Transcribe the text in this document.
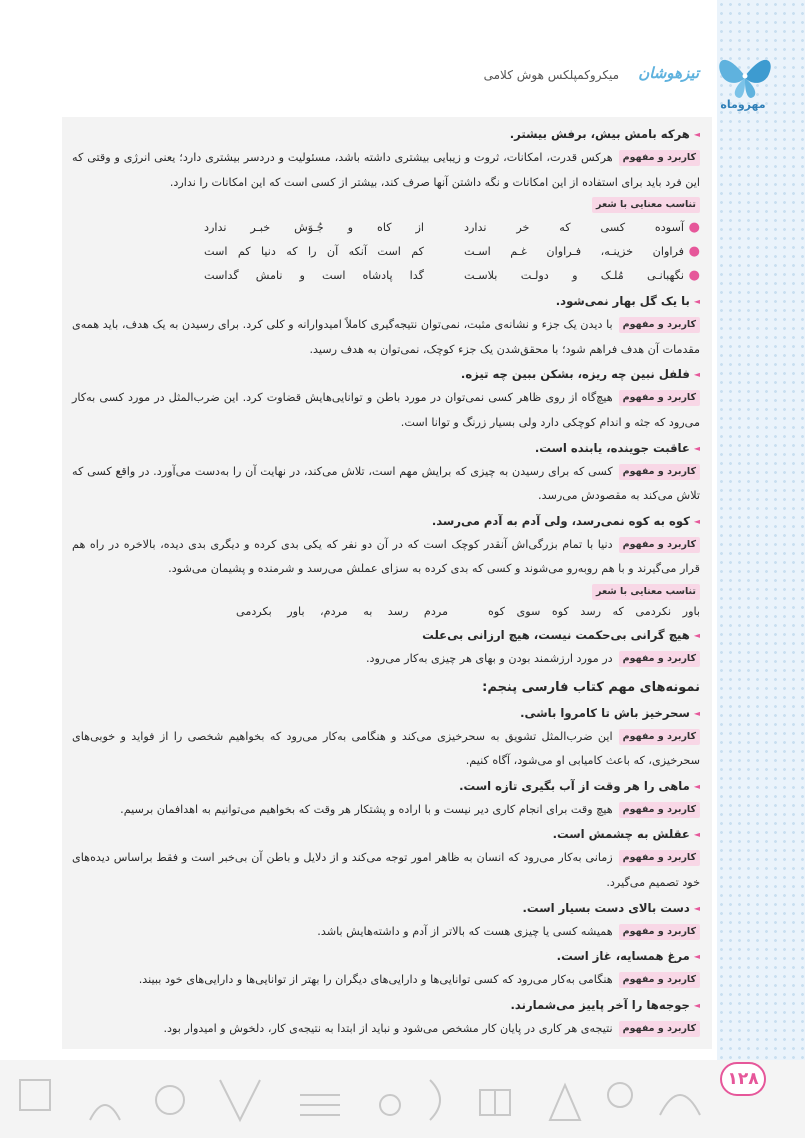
مهروماه
تیزهوشان
میکروکمپلکس هوش کلامی
◄
هرکه بامش بیش، برفش بیشتر.
کاربرد و مفهومهرکس قدرت، امکانات، ثروت و زیبایی بیشتری داشته باشد، مسئولیت و دردسر بیشتری دارد؛ یعنی انرژی و وقتی که این فرد باید برای استفاده از این امکانات و نگه داشتن آنها صرف کند، بیشتر از کسی است که این امکانات را ندارد.
تناسب معنایی با شعر
●
آسوده کسی که خر ندارد
از کاه و جُـوَش خبـر ندارد
●
فراوان خزینـه، فـراوان غـم اسـت
کم است آنکه آن را که دنیا کم است
●
نگهبانـی مُلـک و دولـت بلاسـت
گدا پادشاه است و نامش گداست
◄
با یک گل بهار نمی‌شود.
کاربرد و مفهومبا دیدن یک جزء و نشانه‌ی مثبت، نمی‌توان نتیجه‌گیری کاملاً امیدوارانه و کلی کرد. برای رسیدن به یک هدف، باید همه‌ی مقدمات آن هدف فراهم شود؛ با محقق‌شدن یک جزء کوچک، نمی‌توان به هدف رسید.
◄
فلفل نبین چه ریزه، بشکن ببین چه تیزه.
کاربرد و مفهومهیچ‌گاه از روی ظاهر کسی نمی‌توان در مورد باطن و توانایی‌هایش قضاوت کرد. این ضرب‌المثل در مورد کسی به‌کار می‌رود که جثه و اندام کوچکی دارد ولی بسیار زرنگ و توانا است.
◄
عاقبت جوینده، یابنده است.
کاربرد و مفهومکسی که برای رسیدن به چیزی که برایش مهم است، تلاش می‌کند، در نهایت آن را به‌دست می‌آورد. در واقع کسی که تلاش می‌کند به مقصودش می‌رسد.
◄
کوه به کوه نمی‌رسد، ولی آدم به آدم می‌رسد.
کاربرد و مفهومدنیا با تمام بزرگی‌اش آنقدر کوچک است که در آن دو نفر که یکی بدی کرده و دیگری بدی دیده، بالاخره در راه هم قرار می‌گیرند و با هم روبه‌رو می‌شوند و کسی که بدی کرده به سزای عملش می‌رسد و شرمنده و پشیمان می‌شود.
تناسب معنایی با شعر
باور نکردمی که رسد کوه سوی کوه
مردم رسد به مردم، باور بکردمی
◄
هیچ گرانی بی‌حکمت نیست، هیچ ارزانی بی‌علت
کاربرد و مفهومدر مورد ارزشمند بودن و بهای هر چیزی به‌کار می‌رود.
نمونه‌های مهم کتاب فارسی پنجم:
◄
سحرخیز باش تا کامروا باشی.
کاربرد و مفهوماین ضرب‌المثل تشویق به سحرخیزی می‌کند و هنگامی به‌کار می‌رود که بخواهیم شخصی را از فواید و خوبی‌های سحرخیزی، که باعث کامیابی او می‌شود، آگاه کنیم.
◄
ماهی را هر وقت از آب بگیری تازه است.
کاربرد و مفهومهیچ وقت برای انجام کاری دیر نیست و با اراده و پشتکار هر وقت که بخواهیم می‌توانیم به اهدافمان برسیم.
◄
عقلش به چشمش است.
کاربرد و مفهومزمانی به‌کار می‌رود که انسان به ظاهر امور توجه می‌کند و از دلایل و باطن آن بی‌خبر است و فقط براساس دیده‌های خود تصمیم می‌گیرد.
◄
دست بالای دست بسیار است.
کاربرد و مفهومهمیشه کسی یا چیزی هست که بالاتر از آدم و داشته‌هایش باشد.
◄
مرغ همسایه، غاز است.
کاربرد و مفهومهنگامی به‌کار می‌رود که کسی توانایی‌ها و دارایی‌های دیگران را بهتر از توانایی‌ها و دارایی‌های خود ببیند.
◄
جوجه‌ها را آخر پاییز می‌شمارند.
کاربرد و مفهومنتیجه‌ی هر کاری در پایان کار مشخص می‌شود و نباید از ابتدا به نتیجه‌ی کار، دلخوش و امیدوار بود.
۱۲۸
